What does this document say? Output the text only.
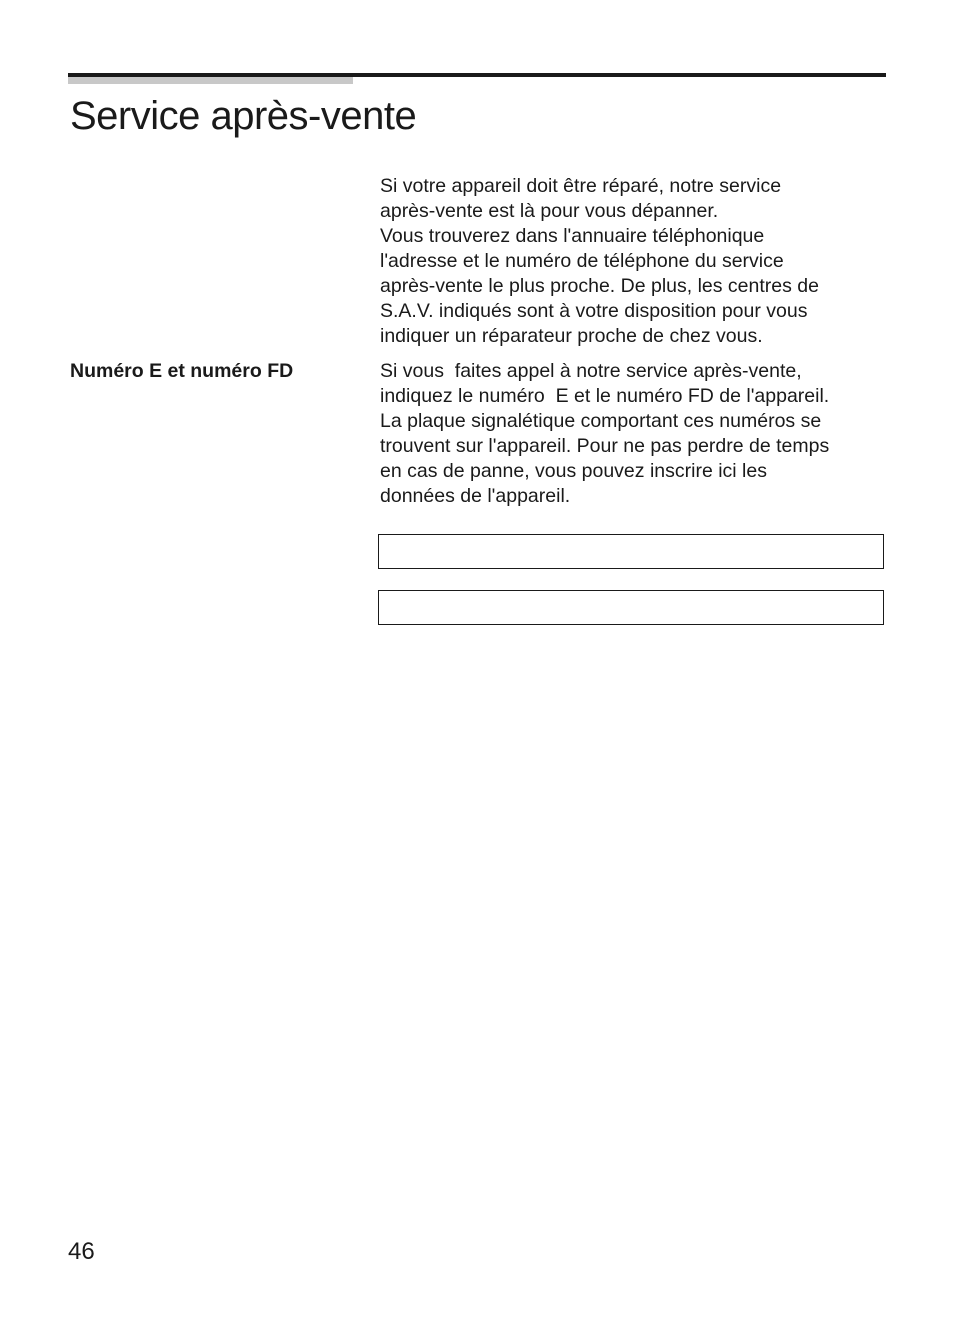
Service après-vente
Si votre appareil doit être réparé, notre service
après-vente est là pour vous dépanner.
Vous trouverez dans l'annuaire téléphonique
l'adresse et le numéro de téléphone du service
après-vente le plus proche. De plus, les centres de
S.A.V. indiqués sont à votre disposition pour vous
indiquer un réparateur proche de chez vous.
Numéro E et numéro FD	Si vous  faites appel à notre service après-vente,
indiquez le numéro  E et le numéro FD de l'appareil.
La plaque signalétique comportant ces numéros se
trouvent sur l'appareil. Pour ne pas perdre de temps
en cas de panne, vous pouvez inscrire ici les
données de l'appareil.
46
